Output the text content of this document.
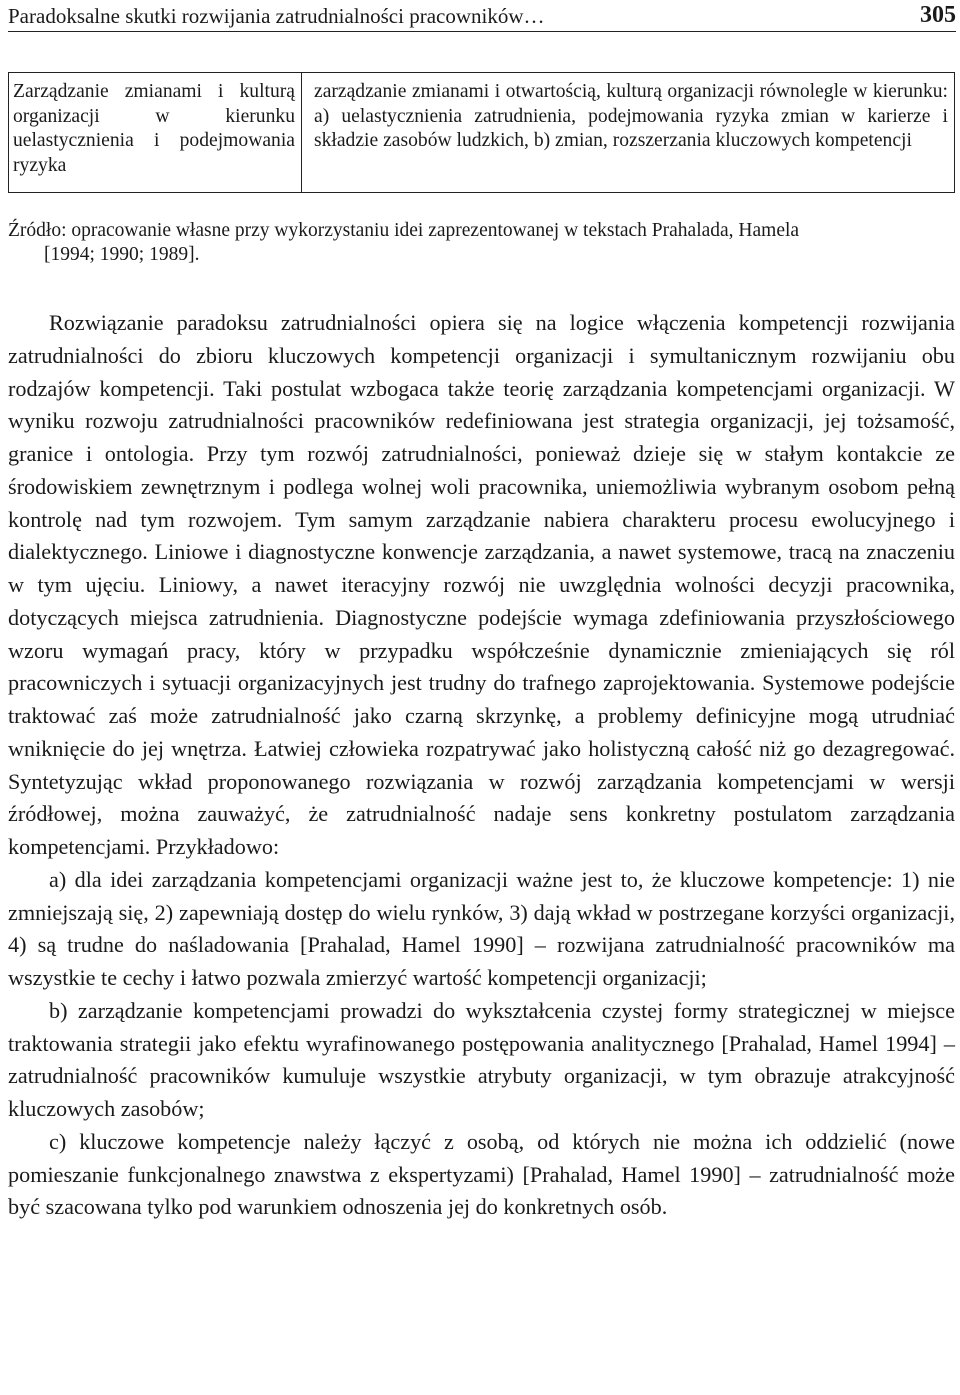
Paradoksalne skutki rozwijania zatrudnialności pracowników…	305
Zarządzanie zmianami i kulturą organizacji w kierunku uelastycznienia i podejmowania ryzyka	zarządzanie zmianami i otwartością, kulturą organizacji równolegle w kierunku: a) uelastycznienia zatrudnienia, podejmowania ryzyka zmian w karierze i składzie zasobów ludzkich, b) zmian, rozszerzania kluczowych kompetencji
Źródło: opracowanie własne przy wykorzystaniu idei zaprezentowanej w tekstach Prahalada, Hamela
[1994; 1990; 1989].

Rozwiązanie paradoksu zatrudnialności opiera się na logice włączenia kompetencji rozwijania zatrudnialności do zbioru kluczowych kompetencji organizacji i symultanicznym rozwijaniu obu rodzajów kompetencji. Taki postulat wzbogaca także teorię zarządzania kompetencjami organizacji. W wyniku rozwoju zatrudnialności pracowników redefiniowana jest strategia organizacji, jej tożsamość, granice i ontologia. Przy tym rozwój zatrudnialności, ponieważ dzieje się w stałym kontakcie ze środowiskiem zewnętrznym i podlega wolnej woli pracownika, uniemożliwia wybranym osobom pełną kontrolę nad tym rozwojem. Tym samym zarządzanie nabiera charakteru procesu ewolucyjnego i dialektycznego. Liniowe i diagnostyczne konwencje zarządzania, a nawet systemowe, tracą na znaczeniu w tym ujęciu. Liniowy, a nawet iteracyjny rozwój nie uwzględnia wolności decyzji pracownika, dotyczących miejsca zatrudnienia. Diagnostyczne podejście wymaga zdefiniowania przyszłościowego wzoru wymagań pracy, który w przypadku współcześnie dynamicznie zmieniających się ról pracowniczych i sytuacji organizacyjnych jest trudny do trafnego zaprojektowania. Systemowe podejście traktować zaś może zatrudnialność jako czarną skrzynkę, a problemy definicyjne mogą utrudniać wniknięcie do jej wnętrza. Łatwiej człowieka rozpatrywać jako holistyczną całość niż go dezagregować. Syntetyzując wkład proponowanego rozwiązania w rozwój zarządzania kompetencjami w wersji źródłowej, można zauważyć, że zatrudnialność nadaje sens konkretny postulatom zarządzania kompetencjami. Przykładowo:

a) dla idei zarządzania kompetencjami organizacji ważne jest to, że kluczowe kompetencje: 1) nie zmniejszają się, 2) zapewniają dostęp do wielu rynków, 3) dają wkład w postrzegane korzyści organizacji, 4) są trudne do naśladowania [Prahalad, Hamel 1990] – rozwijana zatrudnialność pracowników ma wszystkie te cechy i łatwo pozwala zmierzyć wartość kompetencji organizacji;

b) zarządzanie kompetencjami prowadzi do wykształcenia czystej formy strategicznej w miejsce traktowania strategii jako efektu wyrafinowanego postępowania analitycznego [Prahalad, Hamel 1994] – zatrudnialność pracowników kumuluje wszystkie atrybuty organizacji, w tym obrazuje atrakcyjność kluczowych zasobów;

c) kluczowe kompetencje należy łączyć z osobą, od których nie można ich oddzielić (nowe pomieszanie funkcjonalnego znawstwa z ekspertyzami) [Prahalad, Hamel 1990] – zatrudnialność może być szacowana tylko pod warunkiem odnoszenia jej do konkretnych osób.
